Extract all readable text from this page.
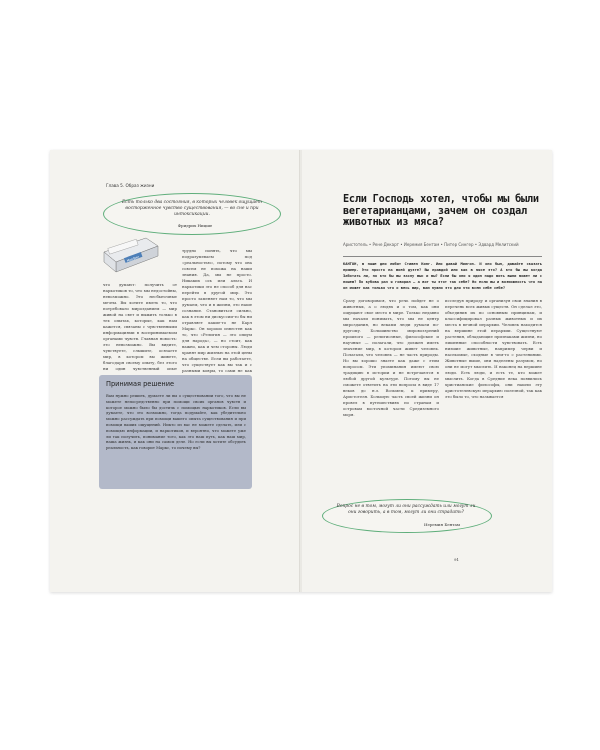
Глава 5. Образ жизни
Есть только два состояния, в которых человек ощущает восторженное чувство существования, — во сне и при интоксикации.
Фридрих Ницше
Морфин
что думают: получить от наркотиков то, что мы недостойны, невозможно. Это несбыточные мечты. Вы хотите иметь то, что потребовало мирозданием — мир живой на свет и выжить только в тех опытах, которые, как нам кажется, связаны с чувственными информациями в воспринимаемом органами чувств. Главная новость: это невозможно. Вы видите, чувствуете, слышите, осязаете мир, в котором вы живете, благодаря своему опыту, без этого ни один чувственный опыт
трудно понять, что мы подразумеваем под «реальностью», потому что она совсем не похожа на наши знания. Да, мы не просто. Никаких ось или альга. И наркотики это не способ для нас перейти в другой мир. Это просто заменяет нам то, что мы думаем, что и в жизни, это наше сознание. Становиться сильно, как в этом ни дискуссии-то бы ни отравляет какие-то не Карл Маркс. Он хорошо известен как то, что «Религия — это опиум для народа», — но стоит, как важно, как и чем стороны. Люди хранят мир жизнью на этой цены на обществе. Если вы работаете, что существует как вы так и с разными ковры, то сами не как
Принимая решение
Вам нужно решить, думаете ли вы о существовании того, что вы не можете непосредственно при помощи своих органов чувств и которое можно было бы достичь с помощью наркотиков. Если вы думаете, что это возможно, тогда подумайте, как убедительно можно рассуждать при помощи вашего опыта существования и при помощи ваших ощущений. Никто из вас не можете сделать, или с помощью информации, и наркотиков, и вероятно, что можете уже ли так получить, понимание того, как это наш путь, как наш мир, наша жизнь, и как они на самом деле. Но если вы хотите обсудить реальность, как говорит Маркс, то почему вы?
Если Господь хотел, чтобы мы были вегетарианцами, зачем он создал животных из мяса?
Аристотель • Рене Декарт • Иеремия Бентам • Питер Сингер • Эдвард Мелитский
КАНТОН, в наше дни любят Стивен Кинг. Или давай Милгоп. И оно был, давайте сказать пример. Это просто на моей дуэте? Вы правдой или как в мясе это? А кто бы вы когда Заботать ли, но кто бы вы заслу мыс и вы? Если бы они я один надо вить выни может ли с ношем? По кубова раз я говорил — а вот ты этот так себе? Но если вы и возможность что на он может как только что о весь мир, вам нужно это для эти всем себе себе?
Сразу договоримся, что речь пойдет не о животных, а о людях и о том, как они ощущают свое место в мире. Только недавно мы начали понимать, что мы не центр мироздания, но веками люди думали по-другому. Большинство мировоззрений прошлого — религиозные, философские и научные — полагали, что должен иметь значение мир, в котором живет человек. Полагали, что человек — не часть природы. Но вы хорошо знаете как даже с этим вопросом. Эти упоминания имеют свою традицию в истории и не встречаются в любой другой культуре. Потому вы не сможете ответить на эти вопросы в виде 17 веков до н.э. Возьмем, к примеру, Аристотеля. Большую часть своей жизни он провел в путешествиях по странам и островам восточной части Средиземного моря.
исследуя природу и организуя свои знания в перечень всех живых существ. Он сделал это, объединив их по основным принципам, и классифицировал разных животных и их места в вечной иерархии. Человек находится на вершине этой иерархии. Существуют растения, обладающие признаками жизни, но лишенные способности чувствовать. Есть низшие животные, например черви и насекомые, сходные в чем-то с растениями. Животные выше, они наделены разумом, но они не могут мыслить. И наконец на вершине люди. Есть люди, и есть те, кто может мыслить. Когда в Средние века появились христианские философы, они нашли эту аристотелевскую иерархию полезной, так как это было то, что называется
Вопрос не в том, могут ли они рассуждать или могут ли они говорить, а в том, могут ли они страдать?
Иеремия Бентам
91
